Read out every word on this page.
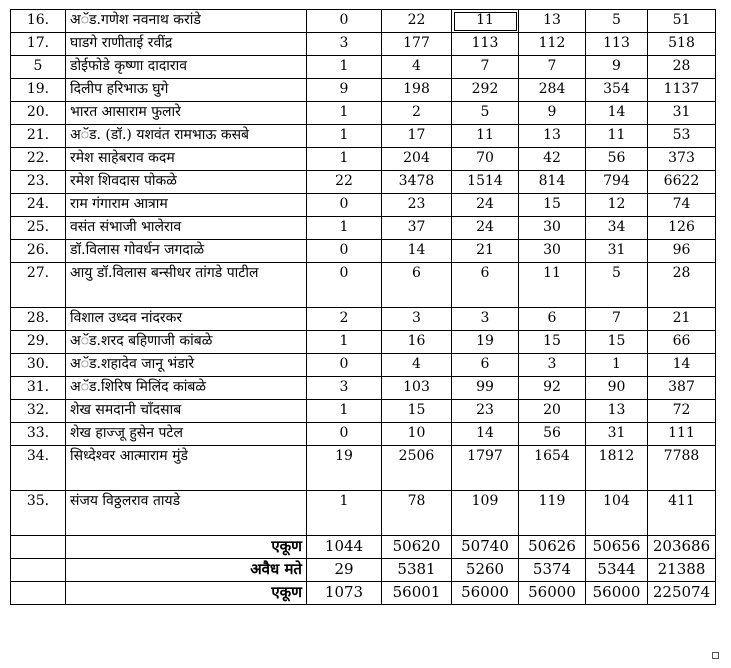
16.	अॅड.गणेश नवनाथ करांडे	0	22	11	13	5	51
17.	घाडगे राणीताई रवींद्र	3	177	113	112	113	518
5	डोईफोडे कृष्णा दादाराव	1	4	7	7	9	28
19.	दिलीप हरिभाऊ घुगे	9	198	292	284	354	1137
20.	भारत आसाराम फुलारे	1	2	5	9	14	31
21.	अॅड. (डॉ.) यशवंत रामभाऊ कसबे	1	17	11	13	11	53
22.	रमेश साहेबराव कदम	1	204	70	42	56	373
23.	रमेश शिवदास पोकळे	22	3478	1514	814	794	6622
24.	राम गंगाराम आत्राम	0	23	24	15	12	74
25.	वसंत संभाजी भालेराव	1	37	24	30	34	126
26.	डॉ.विलास गोवर्धन जगदाळे	0	14	21	30	31	96
27.	आयु डॉ.विलास बन्सीधर तांगडे पाटील	0	6	6	11	5	28
28.	विशाल उध्दव नांदरकर	2	3	3	6	7	21
29.	अॅड.शरद बहिणाजी कांबळे	1	16	19	15	15	66
30.	अॅड.शहादेव जानू भंडारे	0	4	6	3	1	14
31.	अॅड.शिरिष मिलिंद कांबळे	3	103	99	92	90	387
32.	शेख समदानी चॉंदसाब	1	15	23	20	13	72
33.	शेख हाज्जू हुसेन पटेल	0	10	14	56	31	111
34.	सिध्देश्वर आत्माराम मुंडे	19	2506	1797	1654	1812	7788
35.	संजय विठ्ठलराव तायडे	1	78	109	119	104	411
	एकूण	1044	50620	50740	50626	50656	203686
	अवैध मते	29	5381	5260	5374	5344	21388
	एकूण	1073	56001	56000	56000	56000	225074
